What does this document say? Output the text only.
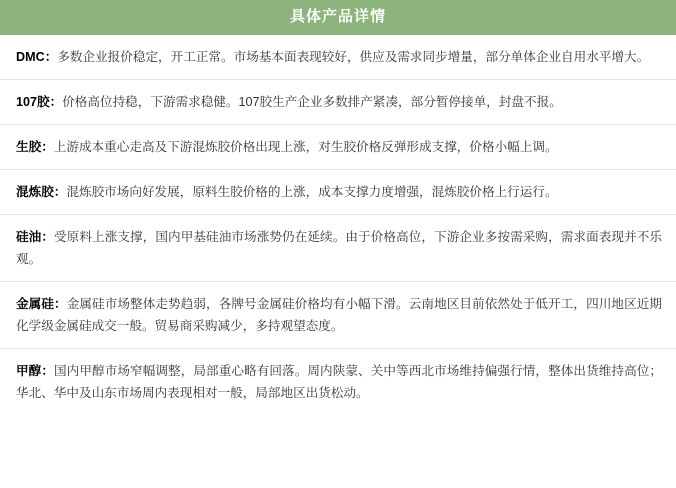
具体产品详情

DMC：多数企业报价稳定，开工正常。市场基本面表现较好，供应及需求同步增量，部分单体企业自用水平增大。

107胶：价格高位持稳，下游需求稳健。107胶生产企业多数排产紧凑，部分暂停接单，封盘不报。

生胶：上游成本重心走高及下游混炼胶价格出现上涨，对生胶价格反弹形成支撑，价格小幅上调。

混炼胶：混炼胶市场向好发展，原料生胶价格的上涨，成本支撑力度增强，混炼胶价格上行运行。

硅油：受原料上涨支撑，国内甲基硅油市场涨势仍在延续。由于价格高位，下游企业多按需采购，需求面表现并不乐观。

金属硅：金属硅市场整体走势趋弱，各牌号金属硅价格均有小幅下滑。云南地区目前依然处于低开工，四川地区近期化学级金属硅成交一般。贸易商采购减少，多持观望态度。

甲醇：国内甲醇市场窄幅调整，局部重心略有回落。周内陕蒙、关中等西北市场维持偏强行情，整体出货维持高位；华北、华中及山东市场周内表现相对一般，局部地区出货松动。
